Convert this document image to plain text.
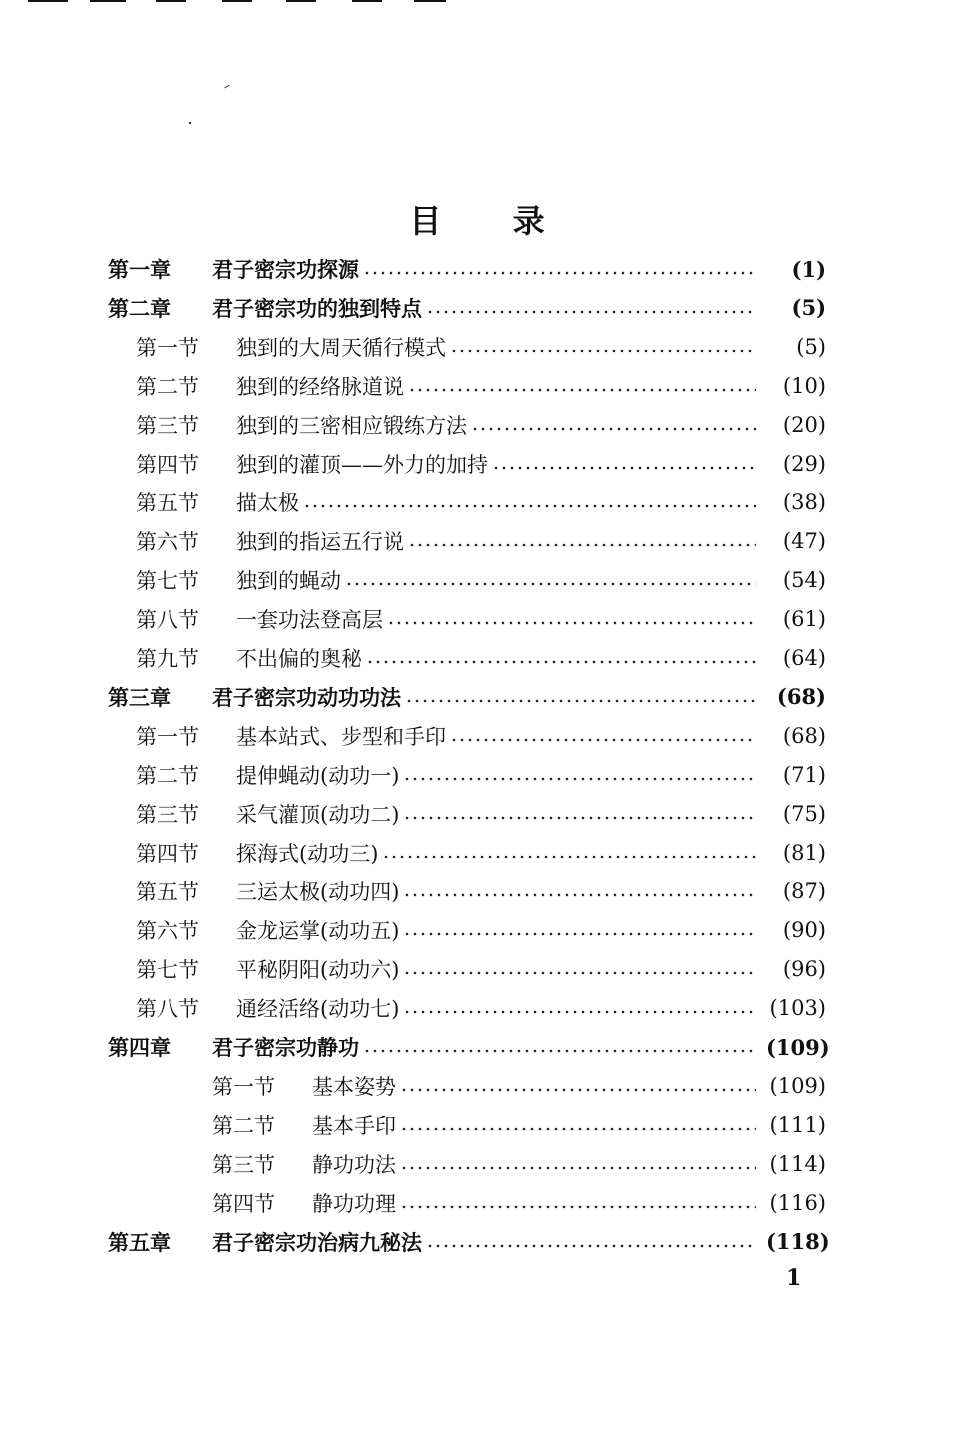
目 录
第一章	君子密宗功探源	(1)
第二章	君子密宗功的独到特点	(5)
第一节	独到的大周天循行模式	(5)
第二节	独到的经络脉道说	(10)
第三节	独到的三密相应锻练方法	(20)
第四节	独到的灌顶——外力的加持	(29)
第五节	描太极	(38)
第六节	独到的指运五行说	(47)
第七节	独到的蝇动	(54)
第八节	一套功法登高层	(61)
第九节	不出偏的奥秘	(64)
第三章	君子密宗功动功功法	(68)
第一节	基本站式、步型和手印	(68)
第二节	提伸蝇动(动功一)	(71)
第三节	采气灌顶(动功二)	(75)
第四节	探海式(动功三)	(81)
第五节	三运太极(动功四)	(87)
第六节	金龙运掌(动功五)	(90)
第七节	平秘阴阳(动功六)	(96)
第八节	通经活络(动功七)	(103)
第四章	君子密宗功静功	(109)
第一节	基本姿势	(109)
第二节	基本手印	(111)
第三节	静功功法	(114)
第四节	静功功理	(116)
第五章	君子密宗功治病九秘法	(118)
1
